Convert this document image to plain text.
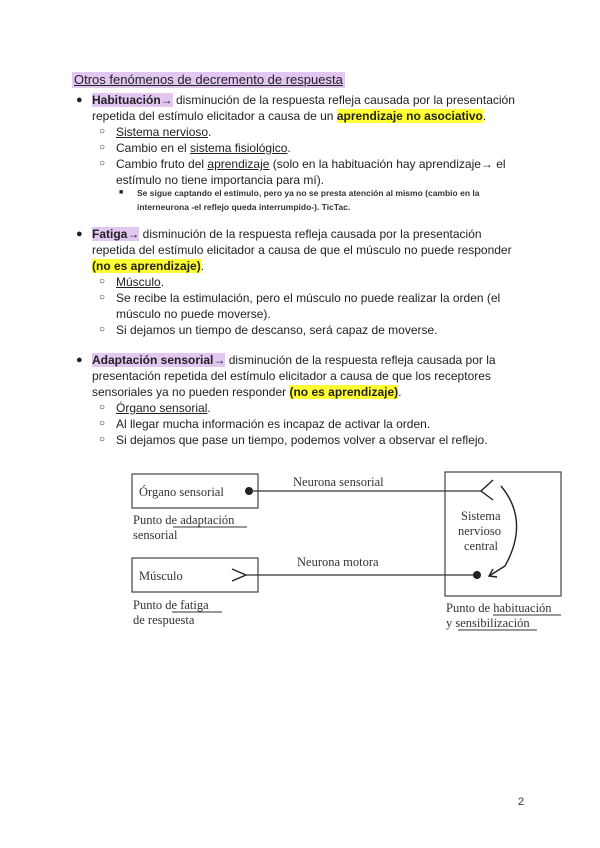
Otros fenómenos de decremento de respuesta
● Habituación→ disminución de la respuesta refleja causada por la presentación
repetida del estímulo elicitador a causa de un aprendizaje no asociativo.
○ Sistema nervioso.
○ Cambio en el sistema fisiológico.
○ Cambio fruto del aprendizaje (solo en la habituación hay aprendizaje→ el
estímulo no tiene importancia para mí).
■ Se sigue captando el estímulo, pero ya no se presta atención al mismo (cambio en la
interneurona -el reflejo queda interrumpido-). TicTac.
● Fatiga→ disminución de la respuesta refleja causada por la presentación
repetida del estímulo elicitador a causa de que el músculo no puede responder
(no es aprendizaje).
○ Músculo.
○ Se recibe la estimulación, pero el músculo no puede realizar la orden (el
músculo no puede moverse).
○ Si dejamos un tiempo de descanso, será capaz de moverse.
● Adaptación sensorial→ disminución de la respuesta refleja causada por la
presentación repetida del estímulo elicitador a causa de que los receptores
sensoriales ya no pueden responder (no es aprendizaje).
○ Órgano sensorial.
○ Al llegar mucha información es incapaz de activar la orden.
○ Si dejamos que pase un tiempo, podemos volver a observar el reflejo.
Órgano sensorial
Neurona sensorial
Punto de adaptación
sensorial
Músculo
Neurona motora
Punto de fatiga
de respuesta
Sistema
nervioso
central
Punto de habituación
y sensibilización
2
